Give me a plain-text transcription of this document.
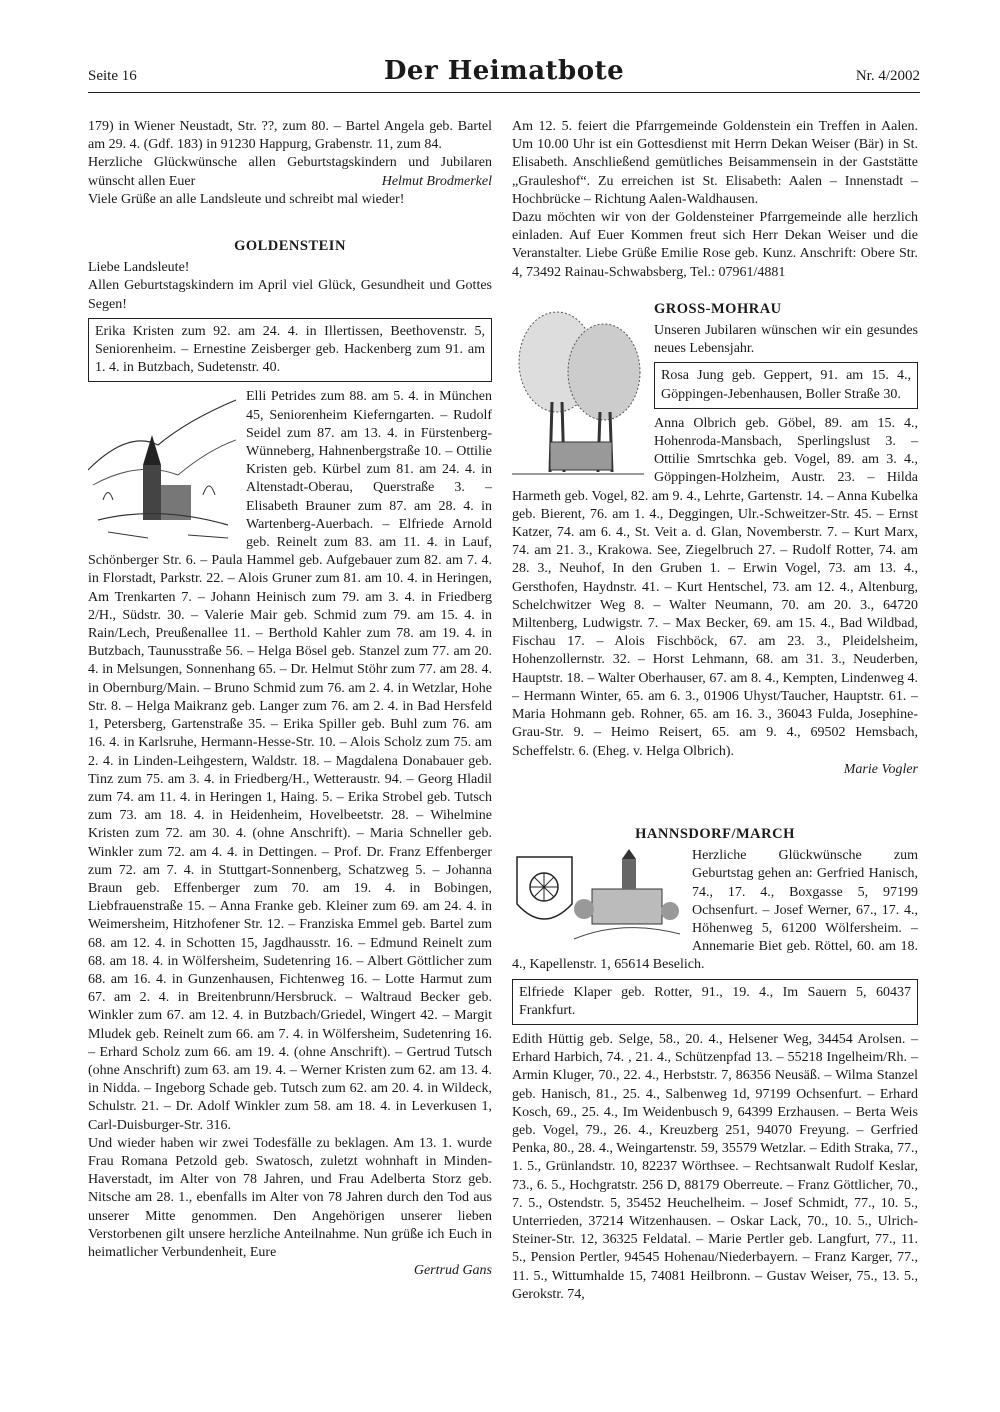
Seite 16	Der Heimatbote	Nr. 4/2002

179) in Wiener Neustadt, Str. ??, zum 80. – Bartel Angela geb. Bartel am 29. 4. (Gdf. 183) in 91230 Happurg, Grabenstr. 11, zum 84.

Herzliche Glückwünsche allen Geburtstagskindern und Jubilaren wünscht allen Euer	Helmut Brodmerkel

Viele Grüße an alle Landsleute und schreibt mal wieder!

GOLDENSTEIN

Liebe Landsleute!

Allen Geburtstagskindern im April viel Glück, Gesundheit und Gottes Segen!

Erika Kristen zum 92. am 24. 4. in Illertissen, Beethovenstr. 5, Seniorenheim. – Ernestine Zeisberger geb. Hackenberg zum 91. am 1. 4. in Butzbach, Sudetenstr. 40.

Elli Petrides zum 88. am 5. 4. in München 45, Seniorenheim Kieferngarten. – Rudolf Seidel zum 87. am 13. 4. in Fürstenberg-Wünneberg, Hahnenbergstraße 10. – Ottilie Kristen geb. Kürbel zum 81. am 24. 4. in Altenstadt-Oberau, Querstraße 3. – Elisabeth Brauner zum 87. am 28. 4. in Wartenberg-Auerbach. – Elfriede Arnold geb. Reinelt zum 83. am 11. 4. in Lauf, Schönberger Str. 6. – Paula Hammel geb. Aufgebauer zum 82. am 7. 4. in Florstadt, Parkstr. 22. – Alois Gruner zum 81. am 10. 4. in Heringen, Am Trenkarten 7. – Johann Heinisch zum 79. am 3. 4. in Friedberg 2/H., Südstr. 30. – Valerie Mair geb. Schmid zum 79. am 15. 4. in Rain/Lech, Preußenallee 11. – Berthold Kahler zum 78. am 19. 4. in Butzbach, Taunusstraße 56. – Helga Bösel geb. Stanzel zum 77. am 20. 4. in Melsungen, Sonnenhang 65. – Dr. Helmut Stöhr zum 77. am 28. 4. in Obernburg/Main. – Bruno Schmid zum 76. am 2. 4. in Wetzlar, Hohe Str. 8. – Helga Maikranz geb. Langer zum 76. am 2. 4. in Bad Hersfeld 1, Petersberg, Gartenstraße 35. – Erika Spiller geb. Buhl zum 76. am 16. 4. in Karlsruhe, Hermann-Hesse-Str. 10. – Alois Scholz zum 75. am 2. 4. in Linden-Leihgestern, Waldstr. 18. – Magdalena Donabauer geb. Tinz zum 75. am 3. 4. in Friedberg/H., Wetteraustr. 94. – Georg Hladil zum 74. am 11. 4. in Heringen 1, Haing. 5. – Erika Strobel geb. Tutsch zum 73. am 18. 4. in Heidenheim, Hovelbeetstr. 28. – Wihelmine Kristen zum 72. am 30. 4. (ohne Anschrift). – Maria Schneller geb. Winkler zum 72. am 4. 4. in Dettingen. – Prof. Dr. Franz Effenberger zum 72. am 7. 4. in Stuttgart-Sonnenberg, Schatzweg 5. – Johanna Braun geb. Effenberger zum 70. am 19. 4. in Bobingen, Liebfrauenstraße 15. – Anna Franke geb. Kleiner zum 69. am 24. 4. in Weimersheim, Hitzhofener Str. 12. – Franziska Emmel geb. Bartel zum 68. am 12. 4. in Schotten 15, Jagdhausstr. 16. – Edmund Reinelt zum 68. am 18. 4. in Wölfersheim, Sudetenring 16. – Albert Göttlicher zum 68. am 16. 4. in Gunzenhausen, Fichtenweg 16. – Lotte Harmut zum 67. am 2. 4. in Breitenbrunn/Hersbruck. – Waltraud Becker geb. Winkler zum 67. am 12. 4. in Butzbach/Griedel, Wingert 42. – Margit Mludek geb. Reinelt zum 66. am 7. 4. in Wölfersheim, Sudetenring 16. – Erhard Scholz zum 66. am 19. 4. (ohne Anschrift). – Gertrud Tutsch (ohne Anschrift) zum 63. am 19. 4. – Werner Kristen zum 62. am 13. 4. in Nidda. – Ingeborg Schade geb. Tutsch zum 62. am 20. 4. in Wildeck, Schulstr. 21. – Dr. Adolf Winkler zum 58. am 18. 4. in Leverkusen 1, Carl-Duisburger-Str. 316.

Und wieder haben wir zwei Todesfälle zu beklagen. Am 13. 1. wurde Frau Romana Petzold geb. Swatosch, zuletzt wohnhaft in Minden-Haverstadt, im Alter von 78 Jahren, und Frau Adelberta Storz geb. Nitsche am 28. 1., ebenfalls im Alter von 78 Jahren durch den Tod aus unserer Mitte genommen. Den Angehörigen unserer lieben Verstorbenen gilt unsere herzliche Anteilnahme. Nun grüße ich Euch in heimatlicher Verbundenheit, Eure

Gertrud Gans

Am 12. 5. feiert die Pfarrgemeinde Goldenstein ein Treffen in Aalen. Um 10.00 Uhr ist ein Gottesdienst mit Herrn Dekan Weiser (Bär) in St. Elisabeth. Anschließend gemütliches Beisammensein in der Gaststätte „Grauleshof“. Zu erreichen ist St. Elisabeth: Aalen – Innenstadt – Hochbrücke – Richtung Aalen-Waldhausen.

Dazu möchten wir von der Goldensteiner Pfarrgemeinde alle herzlich einladen. Auf Euer Kommen freut sich Herr Dekan Weiser und die Veranstalter. Liebe Grüße Emilie Rose geb. Kunz. Anschrift: Obere Str. 4, 73492 Rainau-Schwabsberg, Tel.: 07961/4881

GROSS-MOHRAU

Unseren Jubilaren wünschen wir ein gesundes neues Lebensjahr.

Rosa Jung geb. Geppert, 91. am 15. 4., Göppingen-Jebenhausen, Boller Straße 30.

Anna Olbrich geb. Göbel, 89. am 15. 4., Hohenroda-Mansbach, Sperlingslust 3. – Ottilie Smrtschka geb. Vogel, 89. am 3. 4., Göppingen-Holzheim, Austr. 23. – Hilda Harmeth geb. Vogel, 82. am 9. 4., Lehrte, Gartenstr. 14. – Anna Kubelka geb. Bierent, 76. am 1. 4., Deggingen, Ulr.-Schweitzer-Str. 45. – Ernst Katzer, 74. am 6. 4., St. Veit a. d. Glan, Novemberstr. 7. – Kurt Marx, 74. am 21. 3., Krakowa. See, Ziegelbruch 27. – Rudolf Rotter, 74. am 28. 3., Neuhof, In den Gruben 1. – Erwin Vogel, 73. am 13. 4., Gersthofen, Haydnstr. 41. – Kurt Hentschel, 73. am 12. 4., Altenburg, Schelchwitzer Weg 8. – Walter Neumann, 70. am 20. 3., 64720 Miltenberg, Ludwigstr. 7. – Max Becker, 69. am 15. 4., Bad Wildbad, Fischau 17. – Alois Fischböck, 67. am 23. 3., Pleidelsheim, Hohenzollernstr. 32. – Horst Lehmann, 68. am 31. 3., Neuderben, Hauptstr. 18. – Walter Oberhauser, 67. am 8. 4., Kempten, Lindenweg 4. – Hermann Winter, 65. am 6. 3., 01906 Uhyst/Taucher, Hauptstr. 61. – Maria Hohmann geb. Rohner, 65. am 16. 3., 36043 Fulda, Josephine-Grau-Str. 9. – Heimo Reisert, 65. am 9. 4., 69502 Hemsbach, Scheffelstr. 6. (Eheg. v. Helga Olbrich).

Marie Vogler

HANNSDORF/MARCH

Herzliche Glückwünsche zum Geburtstag gehen an: Gerfried Hanisch, 74., 17. 4., Boxgasse 5, 97199 Ochsenfurt. – Josef Werner, 67., 17. 4., Höhenweg 5, 61200 Wölfersheim. – Annemarie Biet geb. Röttel, 60. am 18. 4., Kapellenstr. 1, 65614 Beselich.

Elfriede Klaper geb. Rotter, 91., 19. 4., Im Sauern 5, 60437 Frankfurt.

Edith Hüttig geb. Selge, 58., 20. 4., Helsener Weg, 34454 Arolsen. – Erhard Harbich, 74. , 21. 4., Schützenpfad 13. – 55218 Ingelheim/Rh. – Armin Kluger, 70., 22. 4., Herbststr. 7, 86356 Neusäß. – Wilma Stanzel geb. Hanisch, 81., 25. 4., Salbenweg 1d, 97199 Ochsenfurt. – Erhard Kosch, 69., 25. 4., Im Weidenbusch 9, 64399 Erzhausen. – Berta Weis geb. Vogel, 79., 26. 4., Kreuzberg 251, 94070 Freyung. – Gerfried Penka, 80., 28. 4., Weingartenstr. 59, 35579 Wetzlar. – Edith Straka, 77., 1. 5., Grünlandstr. 10, 82237 Wörthsee. – Rechtsanwalt Rudolf Keslar, 73., 6. 5., Hochgratstr. 256 D, 88179 Oberreute. – Franz Göttlicher, 70., 7. 5., Ostendstr. 5, 35452 Heuchelheim. – Josef Schmidt, 77., 10. 5., Unterrieden, 37214 Witzenhausen. – Oskar Lack, 70., 10. 5., Ulrich-Steiner-Str. 12, 36325 Feldatal. – Marie Pertler geb. Langfurt, 77., 11. 5., Pension Pertler, 94545 Hohenau/Niederbayern. – Franz Karger, 77., 11. 5., Wittumhalde 15, 74081 Heilbronn. – Gustav Weiser, 75., 13. 5., Gerokstr. 74,
